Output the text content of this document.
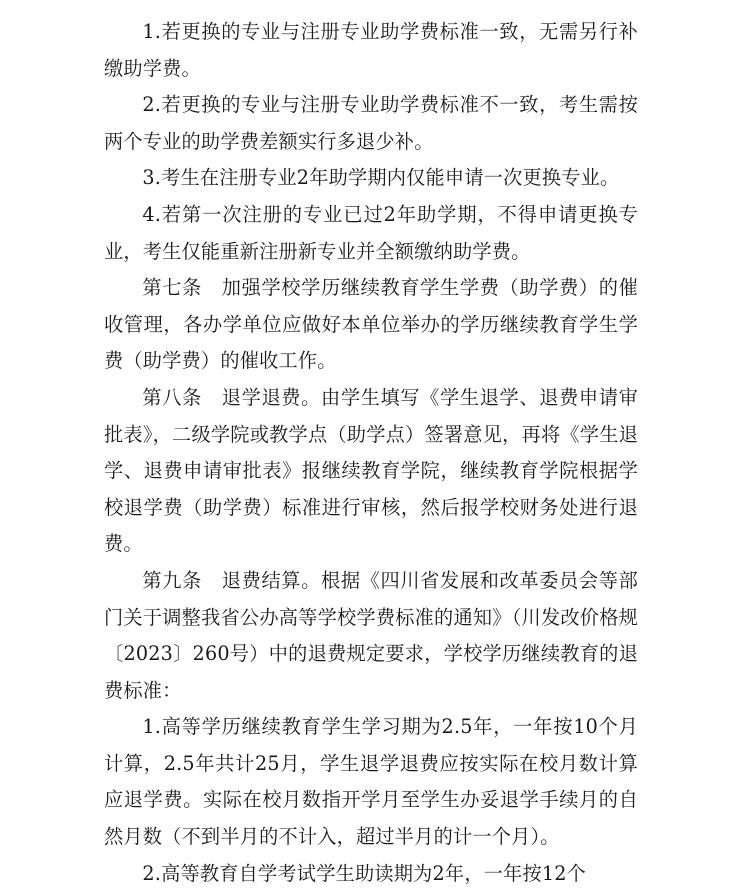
1.若更换的专业与注册专业助学费标准一致，无需另行补缴助学费。

2.若更换的专业与注册专业助学费标准不一致，考生需按两个专业的助学费差额实行多退少补。

3.考生在注册专业2年助学期内仅能申请一次更换专业。

4.若第一次注册的专业已过2年助学期，不得申请更换专业，考生仅能重新注册新专业并全额缴纳助学费。

第七条　加强学校学历继续教育学生学费（助学费）的催收管理，各办学单位应做好本单位举办的学历继续教育学生学费（助学费）的催收工作。

第八条　退学退费。由学生填写《学生退学、退费申请审批表》，二级学院或教学点（助学点）签署意见，再将《学生退学、退费申请审批表》报继续教育学院，继续教育学院根据学校退学费（助学费）标准进行审核，然后报学校财务处进行退费。

第九条　退费结算。根据《四川省发展和改革委员会等部门关于调整我省公办高等学校学费标准的通知》（川发改价格规〔2023〕260号）中的退费规定要求，学校学历继续教育的退费标准：

1.高等学历继续教育学生学习期为2.5年，一年按10个月计算，2.5年共计25月，学生退学退费应按实际在校月数计算应退学费。实际在校月数指开学月至学生办妥退学手续月的自然月数（不到半月的不计入，超过半月的计一个月）。

2.高等教育自学考试学生助读期为2年，一年按12个
